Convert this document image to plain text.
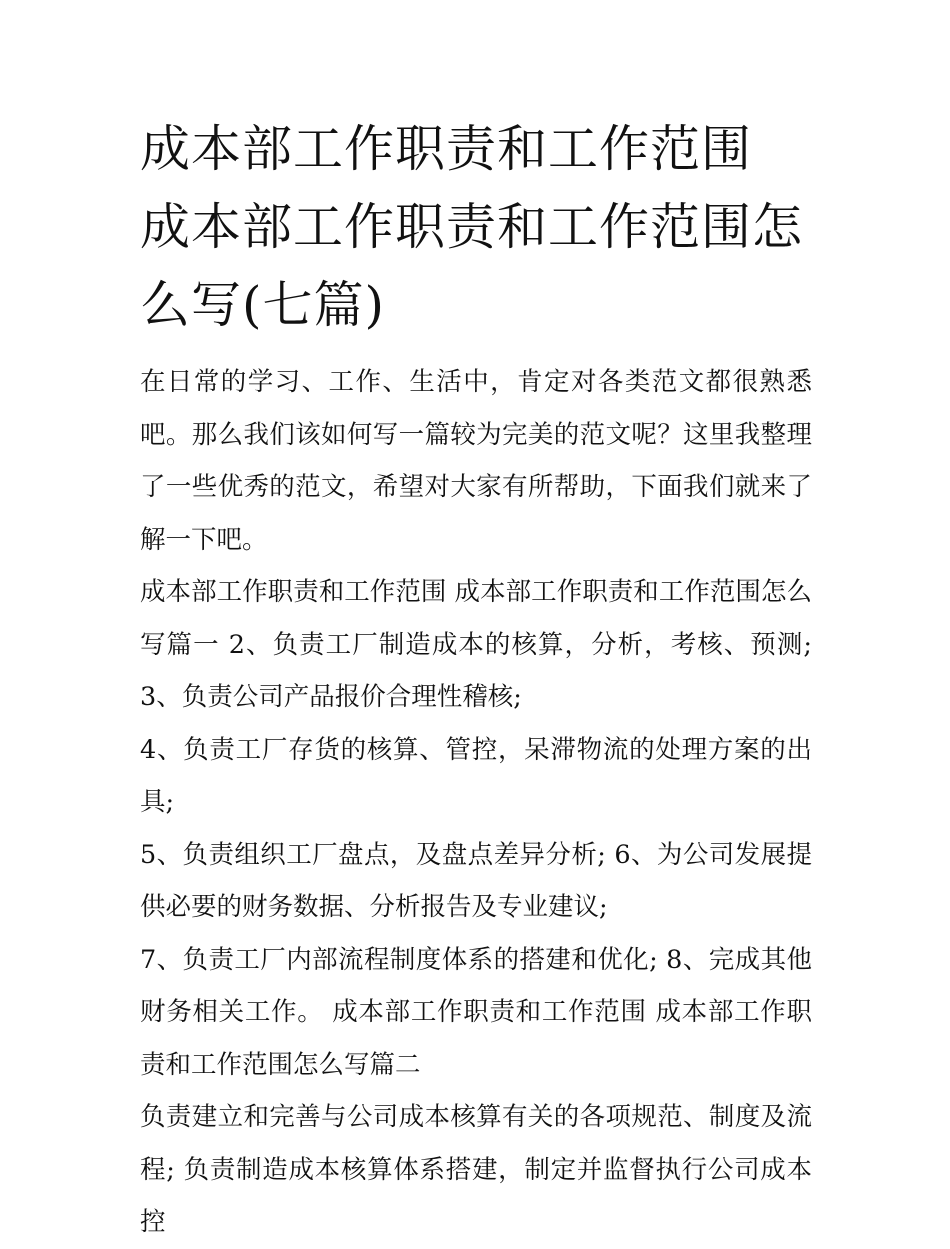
成本部工作职责和工作范围 成本部工作职责和工作范围怎么写(七篇)

在日常的学习、工作、生活中，肯定对各类范文都很熟悉吧。那么我们该如何写一篇较为完美的范文呢？这里我整理了一些优秀的范文，希望对大家有所帮助，下面我们就来了解一下吧。

成本部工作职责和工作范围 成本部工作职责和工作范围怎么写篇一 2、负责工厂制造成本的核算，分析，考核、预测; 3、负责公司产品报价合理性稽核;

4、负责工厂存货的核算、管控，呆滞物流的处理方案的出具;

5、负责组织工厂盘点，及盘点差异分析; 6、为公司发展提供必要的财务数据、分析报告及专业建议;

7、负责工厂内部流程制度体系的搭建和优化; 8、完成其他财务相关工作。 成本部工作职责和工作范围 成本部工作职责和工作范围怎么写篇二

负责建立和完善与公司成本核算有关的各项规范、制度及流程; 负责制造成本核算体系搭建，制定并监督执行公司成本控
